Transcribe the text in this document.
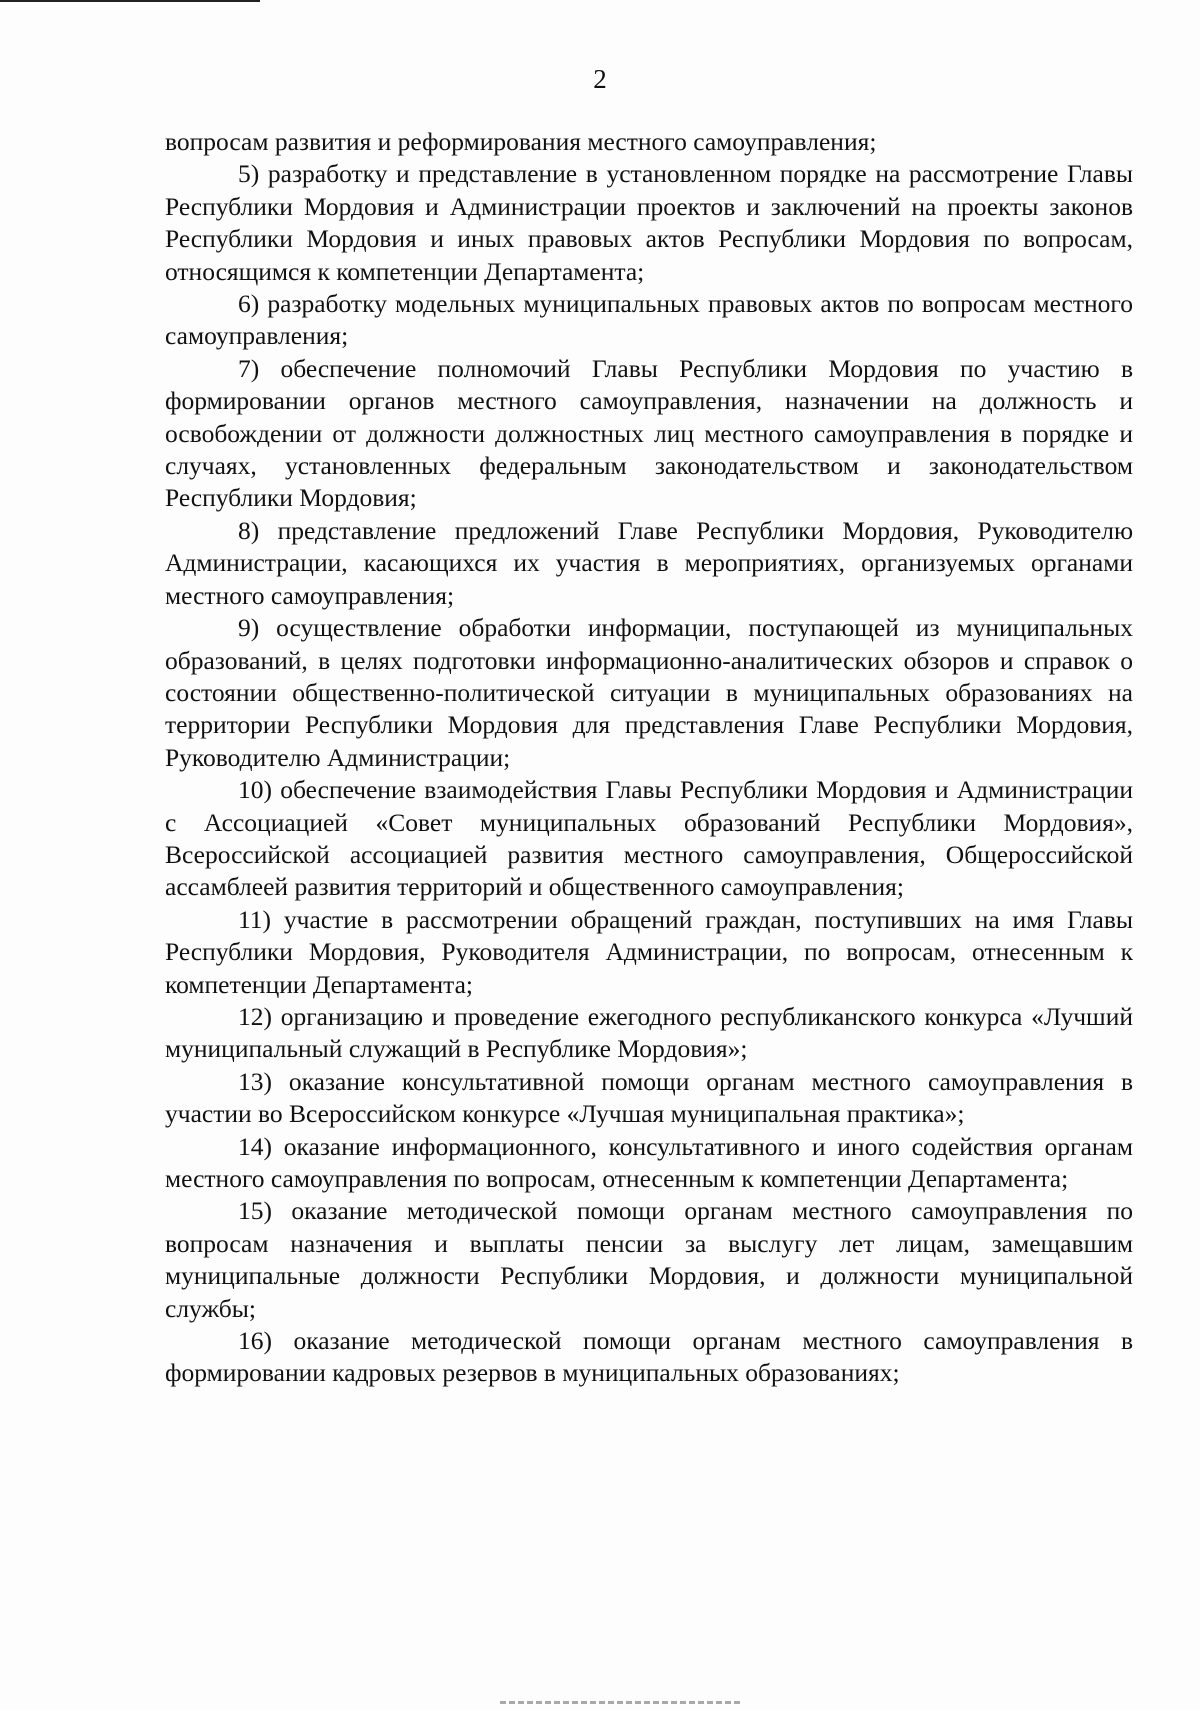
2

вопросам развития и реформирования местного самоуправления;

5) разработку и представление в установленном порядке на рассмотрение Главы Республики Мордовия и Администрации проектов и заключений на проекты законов Республики Мордовия и иных правовых актов Республики Мордовия по вопросам, относящимся к компетенции Департамента;

6) разработку модельных муниципальных правовых актов по вопросам местного самоуправления;

7) обеспечение полномочий Главы Республики Мордовия по участию в формировании органов местного самоуправления, назначении на должность и освобождении от должности должностных лиц местного самоуправления в порядке и случаях, установленных федеральным законодательством и законодательством Республики Мордовия;

8) представление предложений Главе Республики Мордовия, Руководителю Администрации, касающихся их участия в мероприятиях, организуемых органами местного самоуправления;

9) осуществление обработки информации, поступающей из муниципальных образований, в целях подготовки информационно-аналитических обзоров и справок о состоянии общественно-политической ситуации в муниципальных образованиях на территории Республики Мордовия для представления Главе Республики Мордовия, Руководителю Администрации;

10) обеспечение взаимодействия Главы Республики Мордовия и Администрации с Ассоциацией «Совет муниципальных образований Республики Мордовия», Всероссийской ассоциацией развития местного самоуправления, Общероссийской ассамблеей развития территорий и общественного самоуправления;

11) участие в рассмотрении обращений граждан, поступивших на имя Главы Республики Мордовия, Руководителя Администрации, по вопросам, отнесенным к компетенции Департамента;

12) организацию и проведение ежегодного республиканского конкурса «Лучший муниципальный служащий в Республике Мордовия»;

13) оказание консультативной помощи органам местного самоуправления в участии во Всероссийском конкурсе «Лучшая муниципальная практика»;

14) оказание информационного, консультативного и иного содействия органам местного самоуправления по вопросам, отнесенным к компетенции Департамента;

15) оказание методической помощи органам местного самоуправления по вопросам назначения и выплаты пенсии за выслугу лет лицам, замещавшим муниципальные должности Республики Мордовия, и должности муниципальной службы;

16) оказание методической помощи органам местного самоуправления в формировании кадровых резервов в муниципальных образованиях;
